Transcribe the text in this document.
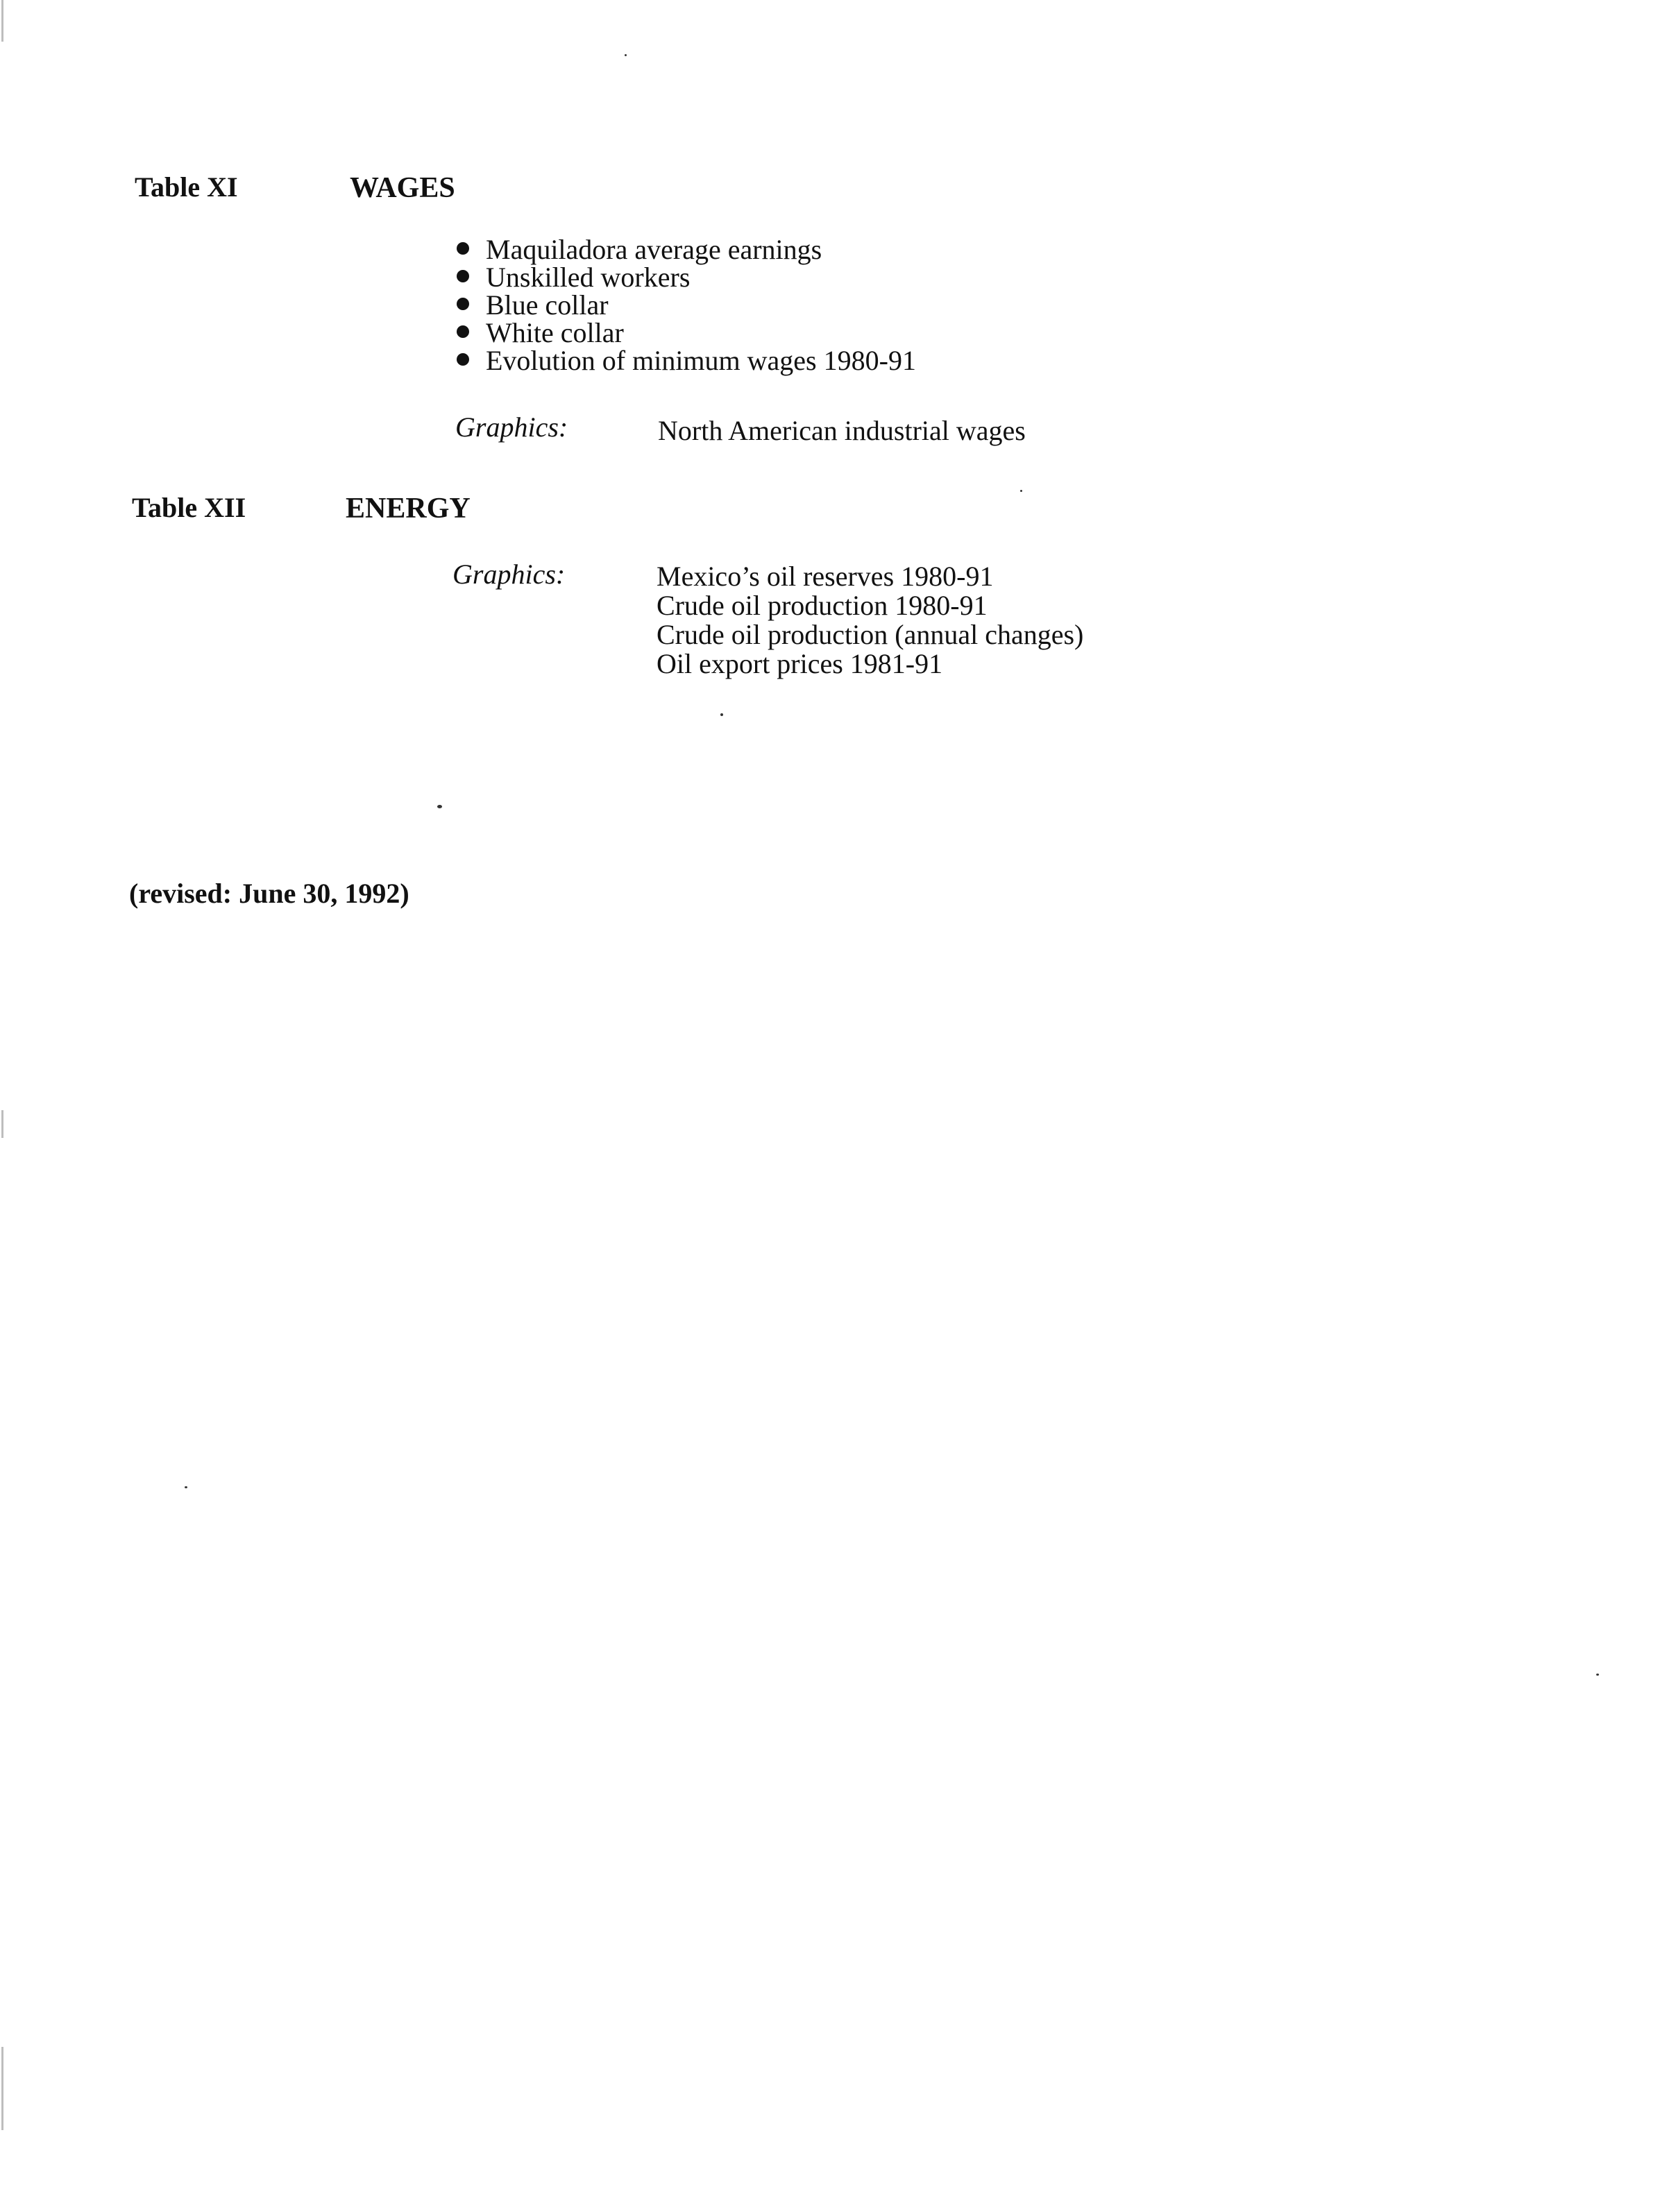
Table XI	WAGES
Maquiladora average earnings
Unskilled workers
Blue collar
White collar
Evolution of minimum wages 1980-91
Graphics:	North American industrial wages
Table XII	ENERGY
Graphics:	Mexico’s oil reserves 1980-91
Crude oil production 1980-91
Crude oil production (annual changes)
Oil export prices 1981-91
(revised: June 30, 1992)
